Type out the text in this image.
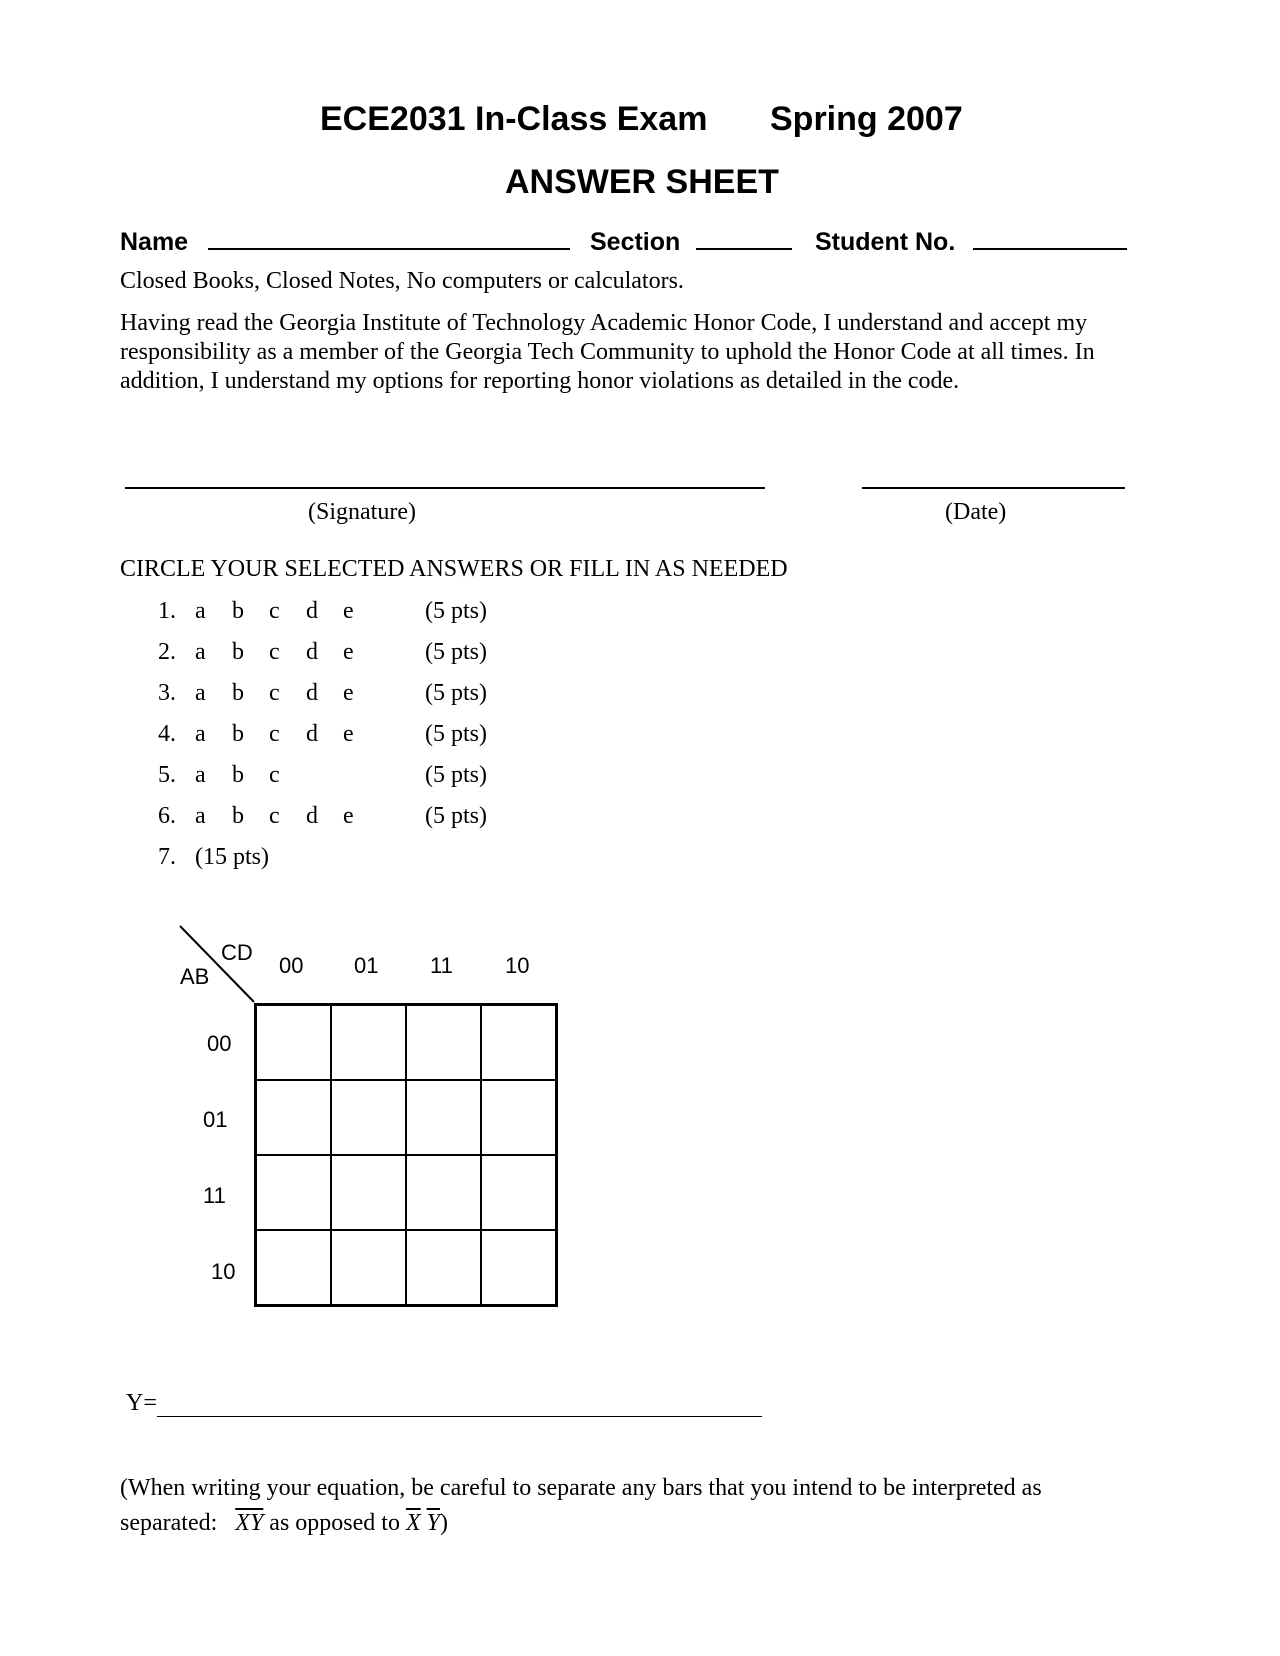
ECE2031 In-Class Exam Spring 2007
ANSWER SHEET
Name	Section	Student No.
Closed Books, Closed Notes, No computers or calculators.
Having read the Georgia Institute of Technology Academic Honor Code, I understand and accept my responsibility as a member of the Georgia Tech Community to uphold the Honor Code at all times. In addition, I understand my options for reporting honor violations as detailed in the code.
(Signature)	(Date)
CIRCLE YOUR SELECTED ANSWERS OR FILL IN AS NEEDED
1. a b c d e	(5 pts)
2. a b c d e	(5 pts)
3. a b c d e	(5 pts)
4. a b c d e	(5 pts)
5. a b c	(5 pts)
6. a b c d e	(5 pts)
7. (15 pts)
CD
AB	00 01 11 10
00
01
11
10
Y=
(When writing your equation, be careful to separate any bars that you intend to be interpreted as
separated: $\overline{XY}$ as opposed to $\overline{X}$ $\overline{Y}$)
